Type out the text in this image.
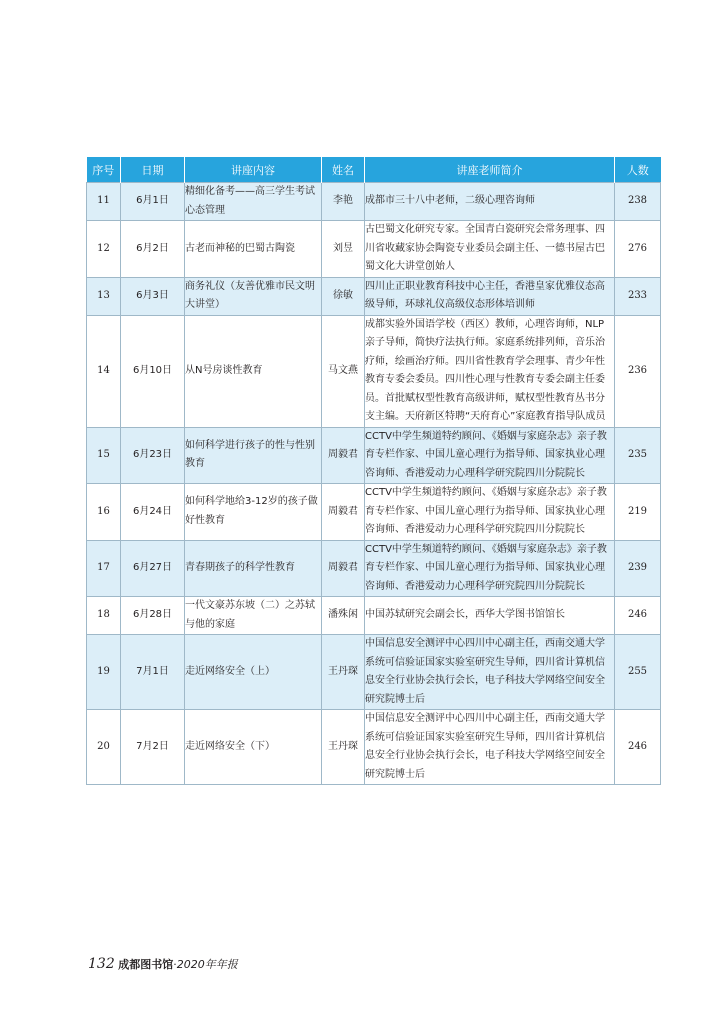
序号	日期	讲座内容	姓名	讲座老师简介	人数
11	6月1日	精细化备考——高三学生考试心态管理	李艳	成都市三十八中老师，二级心理咨询师	238
12	6月2日	古老而神秘的巴蜀古陶瓷	刘昱	古巴蜀文化研究专家。全国青白瓷研究会常务理事、四川省收藏家协会陶瓷专业委员会副主任、一德书屋古巴蜀文化大讲堂创始人	276
13	6月3日	商务礼仪（友善优雅市民文明大讲堂）	徐敏	四川止正职业教育科技中心主任，香港皇家优雅仪态高级导师，环球礼仪高级仪态形体培训师	233
14	6月10日	从N号房谈性教育	马文燕	成都实验外国语学校（西区）教师，心理咨询师，NLP亲子导师，简快疗法执行师。家庭系统排列师，音乐治疗师，绘画治疗师。四川省性教育学会理事、青少年性教育专委会委员。四川性心理与性教育专委会副主任委员。首批赋权型性教育高级讲师，赋权型性教育丛书分支主编。天府新区特聘“天府育心”家庭教育指导队成员	236
15	6月23日	如何科学进行孩子的性与性别教育	周毅君	CCTV中学生频道特约顾问、《婚姻与家庭杂志》亲子教育专栏作家、中国儿童心理行为指导师、国家执业心理咨询师、香港爱动力心理科学研究院四川分院院长	235
16	6月24日	如何科学地给3-12岁的孩子做好性教育	周毅君	CCTV中学生频道特约顾问、《婚姻与家庭杂志》亲子教育专栏作家、中国儿童心理行为指导师、国家执业心理咨询师、香港爱动力心理科学研究院四川分院院长	219
17	6月27日	青春期孩子的科学性教育	周毅君	CCTV中学生频道特约顾问、《婚姻与家庭杂志》亲子教育专栏作家、中国儿童心理行为指导师、国家执业心理咨询师、香港爱动力心理科学研究院四川分院院长	239
18	6月28日	一代文豪苏东坡（二）之苏轼与他的家庭	潘殊闲	中国苏轼研究会副会长，西华大学图书馆馆长	246
19	7月1日	走近网络安全（上）	王丹琛	中国信息安全测评中心四川中心副主任，西南交通大学系统可信验证国家实验室研究生导师，四川省计算机信息安全行业协会执行会长，电子科技大学网络空间安全研究院博士后	255
20	7月2日	走近网络安全（下）	王丹琛	中国信息安全测评中心四川中心副主任，西南交通大学系统可信验证国家实验室研究生导师，四川省计算机信息安全行业协会执行会长，电子科技大学网络空间安全研究院博士后	246
132 成都图书馆·2020年年报
